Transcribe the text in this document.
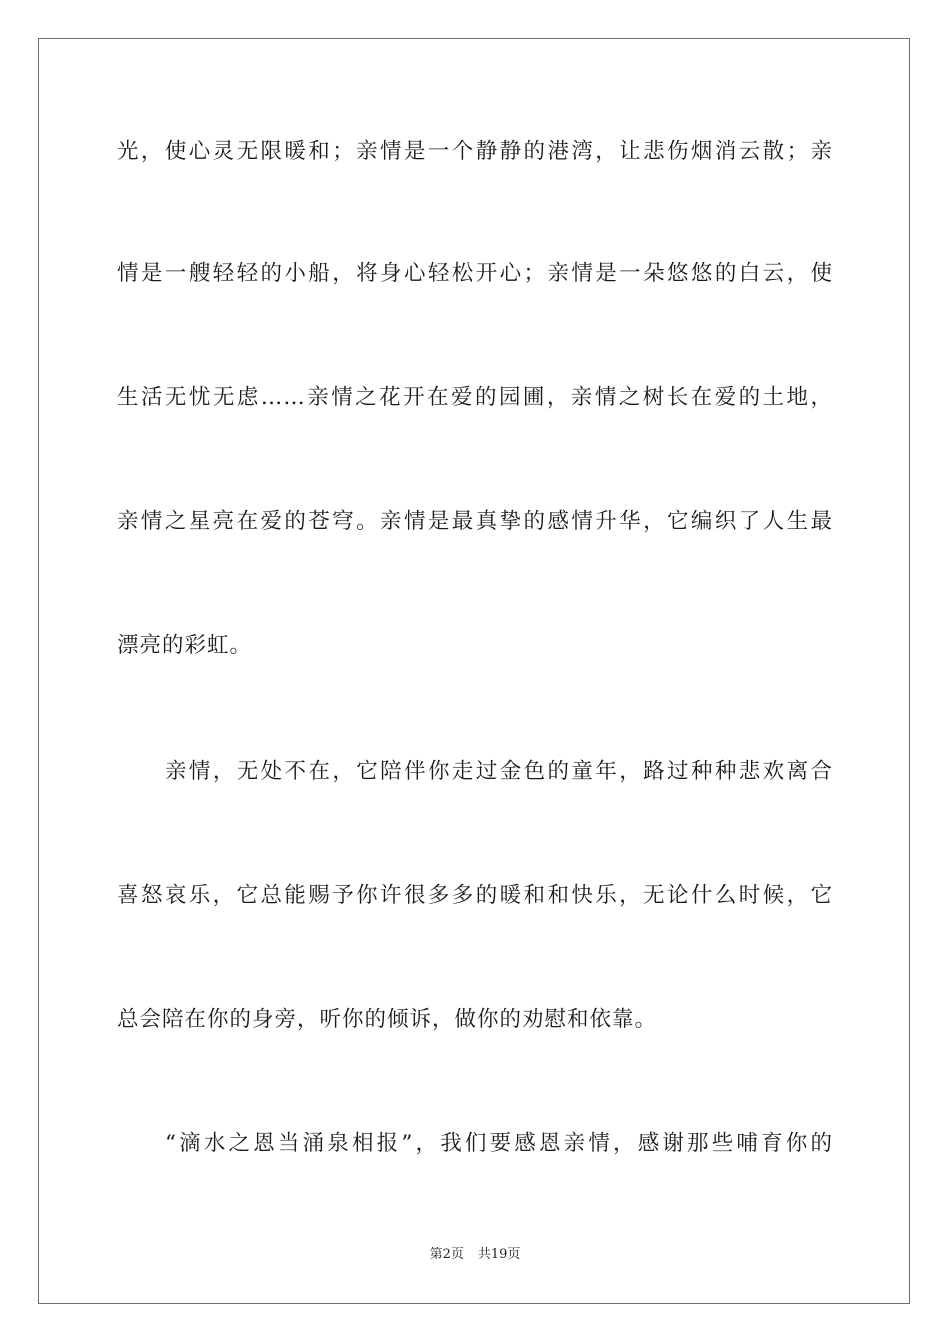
光，使心灵无限暖和；亲情是一个静静的港湾，让悲伤烟消云散；亲
情是一艘轻轻的小船，将身心轻松开心；亲情是一朵悠悠的白云，使
生活无忧无虑……亲情之花开在爱的园圃，亲情之树长在爱的土地，
亲情之星亮在爱的苍穹。亲情是最真挚的感情升华，它编织了人生最
漂亮的彩虹。
亲情，无处不在，它陪伴你走过金色的童年，路过种种悲欢离合
喜怒哀乐，它总能赐予你许很多多的暖和和快乐，无论什么时候，它
总会陪在你的身旁，听你的倾诉，做你的劝慰和依靠。
“滴水之恩当涌泉相报”，我们要感恩亲情，感谢那些哺育你的
第2页 共19页
